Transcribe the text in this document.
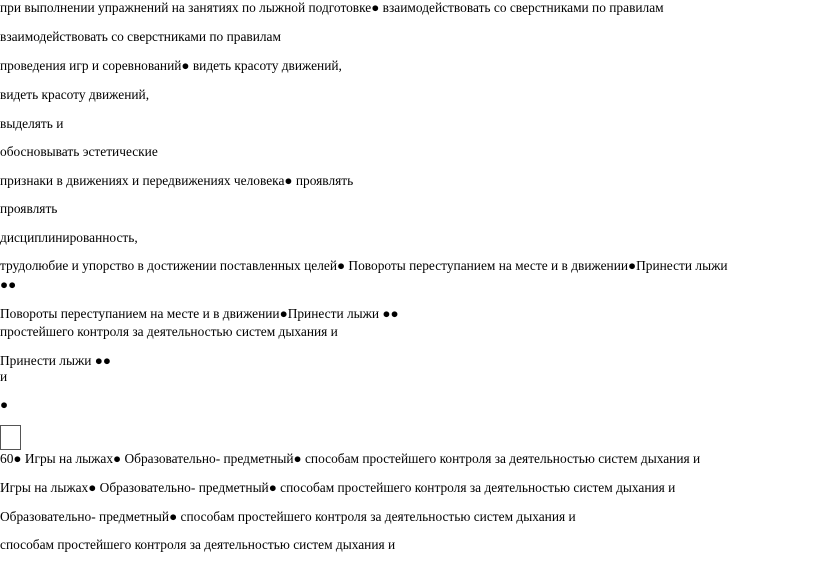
при выполнении упражнений на занятиях по лыжной подготовке● взаимодействовать со сверстниками по правилам
взаимодействовать со сверстниками по правилам
проведения игр и соревнований● видеть красоту движений,
видеть красоту движений,
выделять и
обосновывать эстетические
признаки в движениях и передвижениях человека● проявлять
проявлять
дисциплинированность,
трудолюбие и упорство в достижении поставленных целей● Повороты переступанием на месте и в движении●Принести лыжи
●●
Повороты переступанием на месте и в движении●Принести лыжи ●●
простейшего контроля за деятельностью систем дыхания и
Принести лыжи ●●
и
●
60● Игры на лыжах● Образовательно- предметный● способам простейшего контроля за деятельностью систем дыхания и
Игры на лыжах● Образовательно- предметный● способам простейшего контроля за деятельностью систем дыхания и
Образовательно- предметный● способам простейшего контроля за деятельностью систем дыхания и
способам простейшего контроля за деятельностью систем дыхания и
